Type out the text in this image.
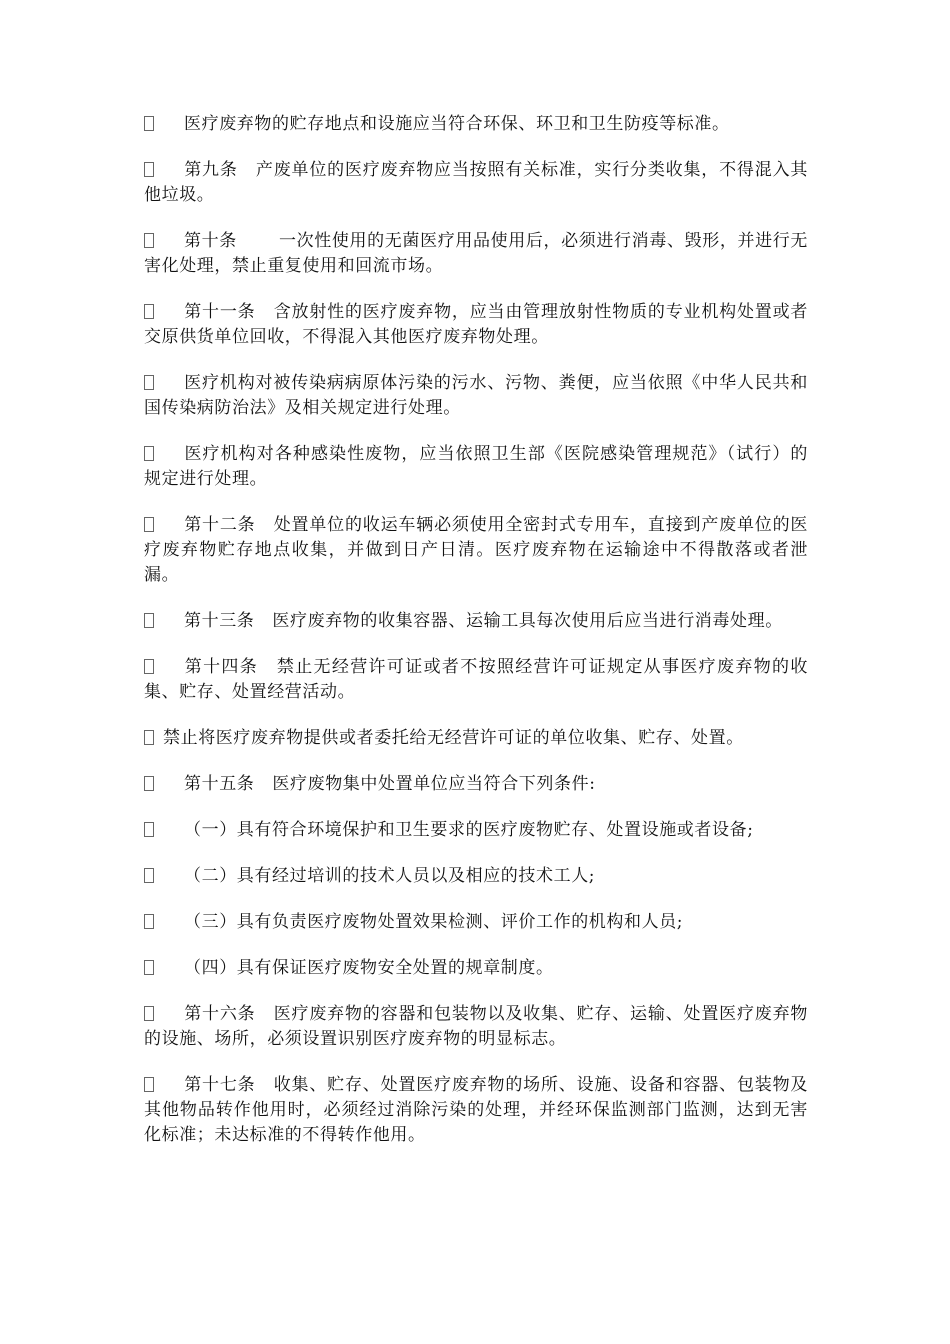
医疗废弃物的贮存地点和设施应当符合环保、环卫和卫生防疫等标准。

第九条 产废单位的医疗废弃物应当按照有关标准，实行分类收集，不得混入其他垃圾。

第十条 一次性使用的无菌医疗用品使用后，必须进行消毒、毁形，并进行无害化处理，禁止重复使用和回流市场。

第十一条 含放射性的医疗废弃物，应当由管理放射性物质的专业机构处置或者交原供货单位回收，不得混入其他医疗废弃物处理。

医疗机构对被传染病病原体污染的污水、污物、粪便，应当依照《中华人民共和国传染病防治法》及相关规定进行处理。

医疗机构对各种感染性废物，应当依照卫生部《医院感染管理规范》（试行）的规定进行处理。

第十二条 处置单位的收运车辆必须使用全密封式专用车，直接到产废单位的医疗废弃物贮存地点收集，并做到日产日清。医疗废弃物在运输途中不得散落或者泄漏。

第十三条 医疗废弃物的收集容器、运输工具每次使用后应当进行消毒处理。

第十四条 禁止无经营许可证或者不按照经营许可证规定从事医疗废弃物的收集、贮存、处置经营活动。

禁止将医疗废弃物提供或者委托给无经营许可证的单位收集、贮存、处置。

第十五条 医疗废物集中处置单位应当符合下列条件:

（一）具有符合环境保护和卫生要求的医疗废物贮存、处置设施或者设备;

（二）具有经过培训的技术人员以及相应的技术工人;

（三）具有负责医疗废物处置效果检测、评价工作的机构和人员;

（四）具有保证医疗废物安全处置的规章制度。

第十六条 医疗废弃物的容器和包装物以及收集、贮存、运输、处置医疗废弃物的设施、场所，必须设置识别医疗废弃物的明显标志。

第十七条 收集、贮存、处置医疗废弃物的场所、设施、设备和容器、包装物及其他物品转作他用时，必须经过消除污染的处理，并经环保监测部门监测，达到无害化标准；未达标准的不得转作他用。
